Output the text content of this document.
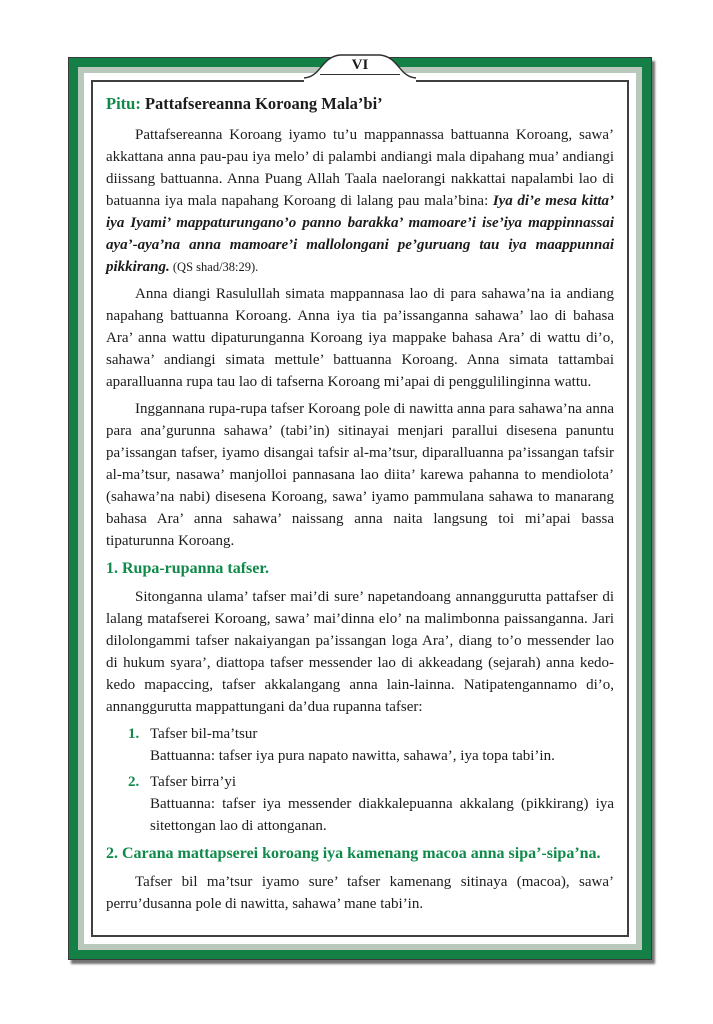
VI
Pitu: Pattafsereanna Koroang Mala’bi’

Pattafsereanna Koroang iyamo tu’u mappannassa battuanna Koroang, sawa’ akkattana anna pau-pau iya melo’ di palambi andiangi mala dipahang mua’ andiangi diissang battuanna. Anna Puang Allah Taala naelorangi nakkattai napalambi lao di batuanna iya mala napahang Koroang di lalang pau mala’bina: Iya di’e mesa kitta’ iya Iyami’ mappaturungano’o panno barakka’ mamoare’i ise’iya mappinnassai aya’-aya’na anna mamoare’i mallolongani pe’guruang tau iya maappunnai pikkirang. (QS shad/38:29).

Anna diangi Rasulullah simata mappannasa lao di para sahawa’na ia andiang napahang battuanna Koroang. Anna iya tia pa’issanganna sahawa’ lao di bahasa Ara’ anna wattu dipaturunganna Koroang iya mappake bahasa Ara’ di wattu di’o, sahawa’ andiangi simata mettule’ battuanna Koroang. Anna simata tattambai aparalluanna rupa tau lao di tafserna Koroang mi’apai di penggulilinginna wattu.

Inggannana rupa-rupa tafser Koroang pole di nawitta anna para sahawa’na anna para ana’gurunna sahawa’ (tabi’in) sitinayai menjari parallui disesena panuntu pa’issangan tafser, iyamo disangai tafsir al-ma’tsur, diparalluanna pa’issangan tafsir al-ma’tsur, nasawa’ manjolloi pannasana lao diita’ karewa pahanna to mendiolota’ (sahawa’na nabi) disesena Koroang, sawa’ iyamo pammulana sahawa to manarang bahasa Ara’ anna sahawa’ naissang anna naita langsung toi mi’apai bassa tipaturunna Koroang.

1. Rupa-rupanna tafser.

Sitonganna ulama’ tafser mai’di sure’ napetandoang annanggurutta pattafser di lalang matafserei Koroang, sawa’ mai’dinna elo’ na malimbonna paissanganna. Jari dilolongammi tafser nakaiyangan pa’issangan loga Ara’, diang to’o messender lao di hukum syara’, diattopa tafser messender lao di akkeadang (sejarah) anna kedo-kedo mapaccing, tafser akkalangang anna lain-lainna. Natipatengannamo di’o, annanggurutta mappattungani da’dua rupanna tafser:

1. Tafser bil-ma’tsur
Battuanna: tafser iya pura napato nawitta, sahawa’, iya topa tabi’in.
2. Tafser birra’yi
Battuanna: tafser iya messender diakkalepuanna akkalang (pikkirang) iya sitettongan lao di attonganan.
2. Carana mattapserei koroang iya kamenang macoa anna sipa’-sipa’na.

Tafser bil ma’tsur iyamo sure’ tafser kamenang sitinaya (macoa), sawa’ perru’dusanna pole di nawitta, sahawa’ mane tabi’in.
